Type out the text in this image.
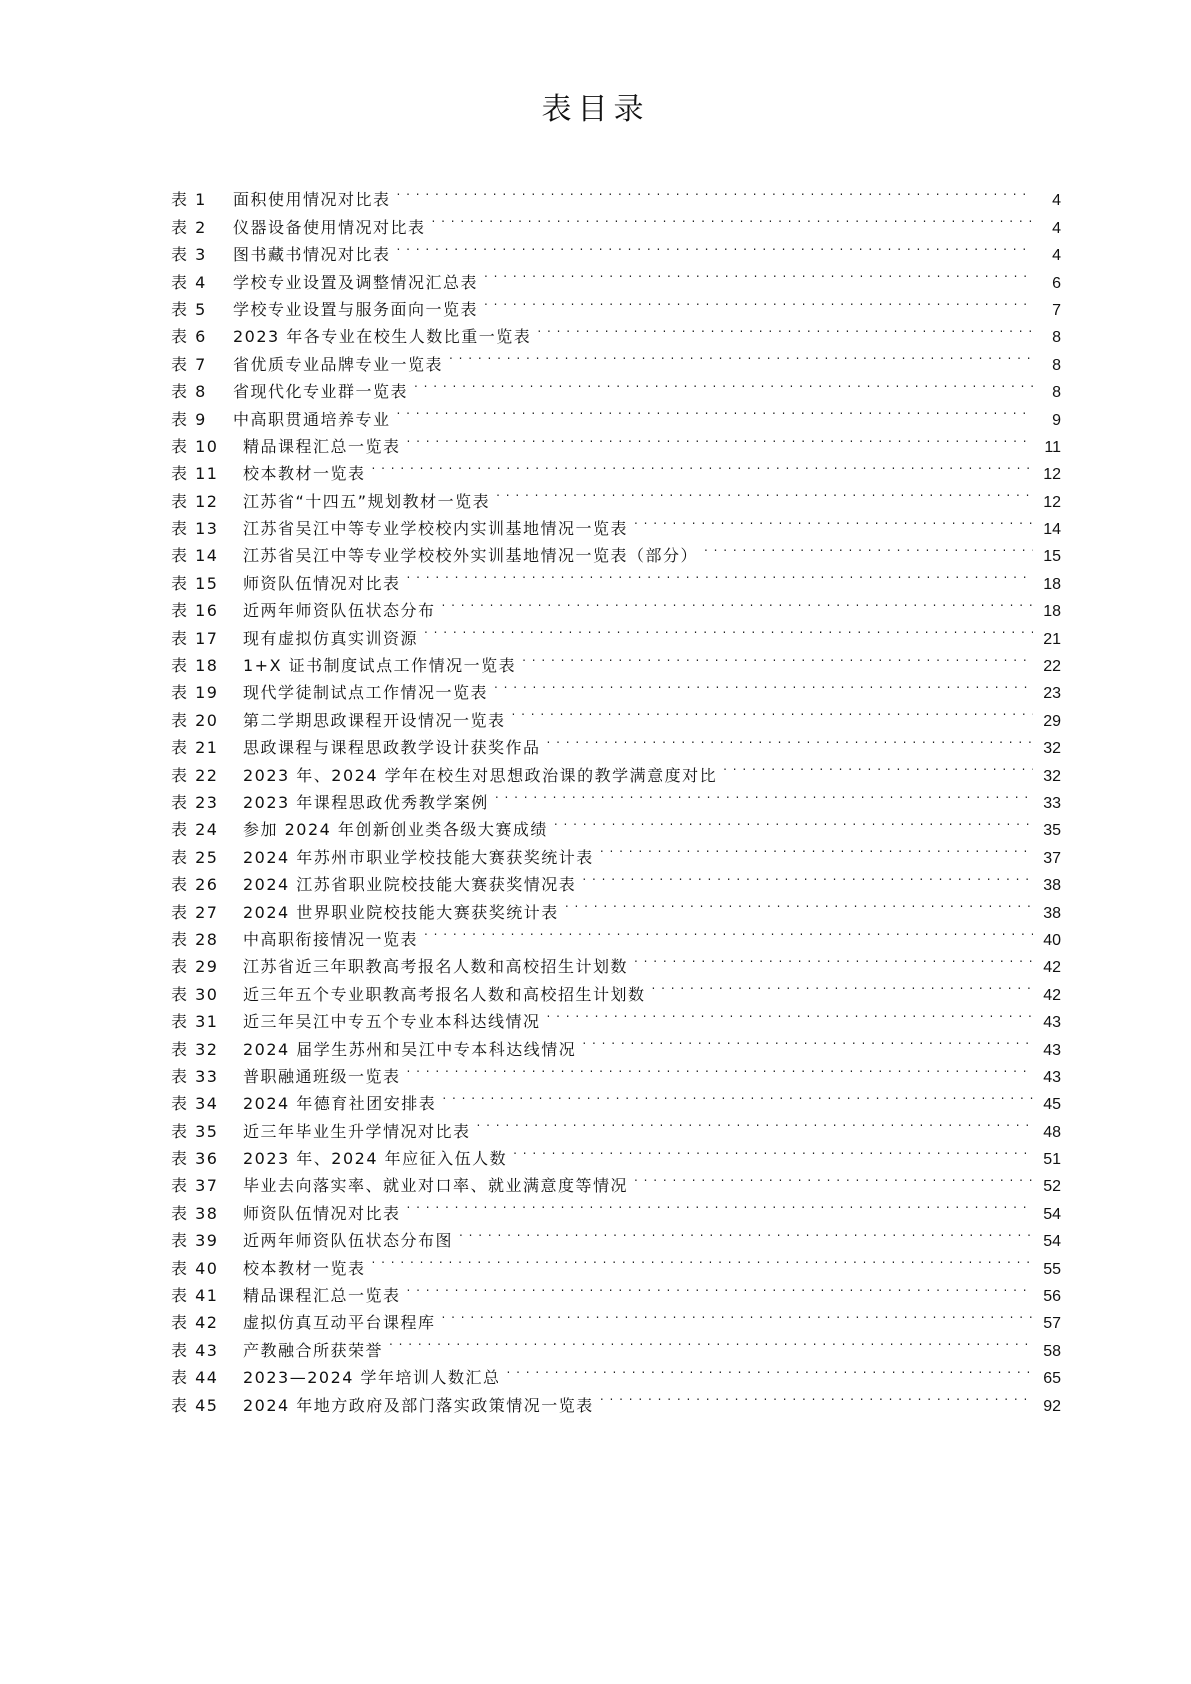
表目录
表 1	面积使用情况对比表 . . .	4
表 2	仪器设备使用情况对比表 . . .	4
表 3	图书藏书情况对比表 . . .	4
表 4	学校专业设置及调整情况汇总表 . . .	6
表 5	学校专业设置与服务面向一览表 . . .	7
表 6	2023 年各专业在校生人数比重一览表 . . .	8
表 7	省优质专业品牌专业一览表 . . .	8
表 8	省现代化专业群一览表 . . .	8
表 9	中高职贯通培养专业 . . .	9
表 10	精品课程汇总一览表 . . .	11
表 11	校本教材一览表 . . .	12
表 12	江苏省“十四五”规划教材一览表 . . .	12
表 13	江苏省吴江中等专业学校校内实训基地情况一览表 . . .	14
表 14	江苏省吴江中等专业学校校外实训基地情况一览表（部分） . . .	15
表 15	师资队伍情况对比表 . . .	18
表 16	近两年师资队伍状态分布 . . .	18
表 17	现有虚拟仿真实训资源 . . .	21
表 18	1+X 证书制度试点工作情况一览表 . . .	22
表 19	现代学徒制试点工作情况一览表 . . .	23
表 20	第二学期思政课程开设情况一览表 . . .	29
表 21	思政课程与课程思政教学设计获奖作品 . . .	32
表 22	2023 年、2024 学年在校生对思想政治课的教学满意度对比 . . .	32
表 23	2023 年课程思政优秀教学案例 . . .	33
表 24	参加 2024 年创新创业类各级大赛成绩 . . .	35
表 25	2024 年苏州市职业学校技能大赛获奖统计表 . . .	37
表 26	2024 江苏省职业院校技能大赛获奖情况表 . . .	38
表 27	2024 世界职业院校技能大赛获奖统计表 . . .	38
表 28	中高职衔接情况一览表 . . .	40
表 29	江苏省近三年职教高考报名人数和高校招生计划数 . . .	42
表 30	近三年五个专业职教高考报名人数和高校招生计划数 . . .	42
表 31	近三年吴江中专五个专业本科达线情况 . . .	43
表 32	2024 届学生苏州和吴江中专本科达线情况 . . .	43
表 33	普职融通班级一览表 . . .	43
表 34	2024 年德育社团安排表 . . .	45
表 35	近三年毕业生升学情况对比表 . . .	48
表 36	2023 年、2024 年应征入伍人数 . . .	51
表 37	毕业去向落实率、就业对口率、就业满意度等情况 . . .	52
表 38	师资队伍情况对比表 . . .	54
表 39	近两年师资队伍状态分布图 . . .	54
表 40	校本教材一览表 . . .	55
表 41	精品课程汇总一览表 . . .	56
表 42	虚拟仿真互动平台课程库 . . .	57
表 43	产教融合所获荣誉 . . .	58
表 44	2023—2024 学年培训人数汇总 . . .	65
表 45	2024 年地方政府及部门落实政策情况一览表 . . .	92
